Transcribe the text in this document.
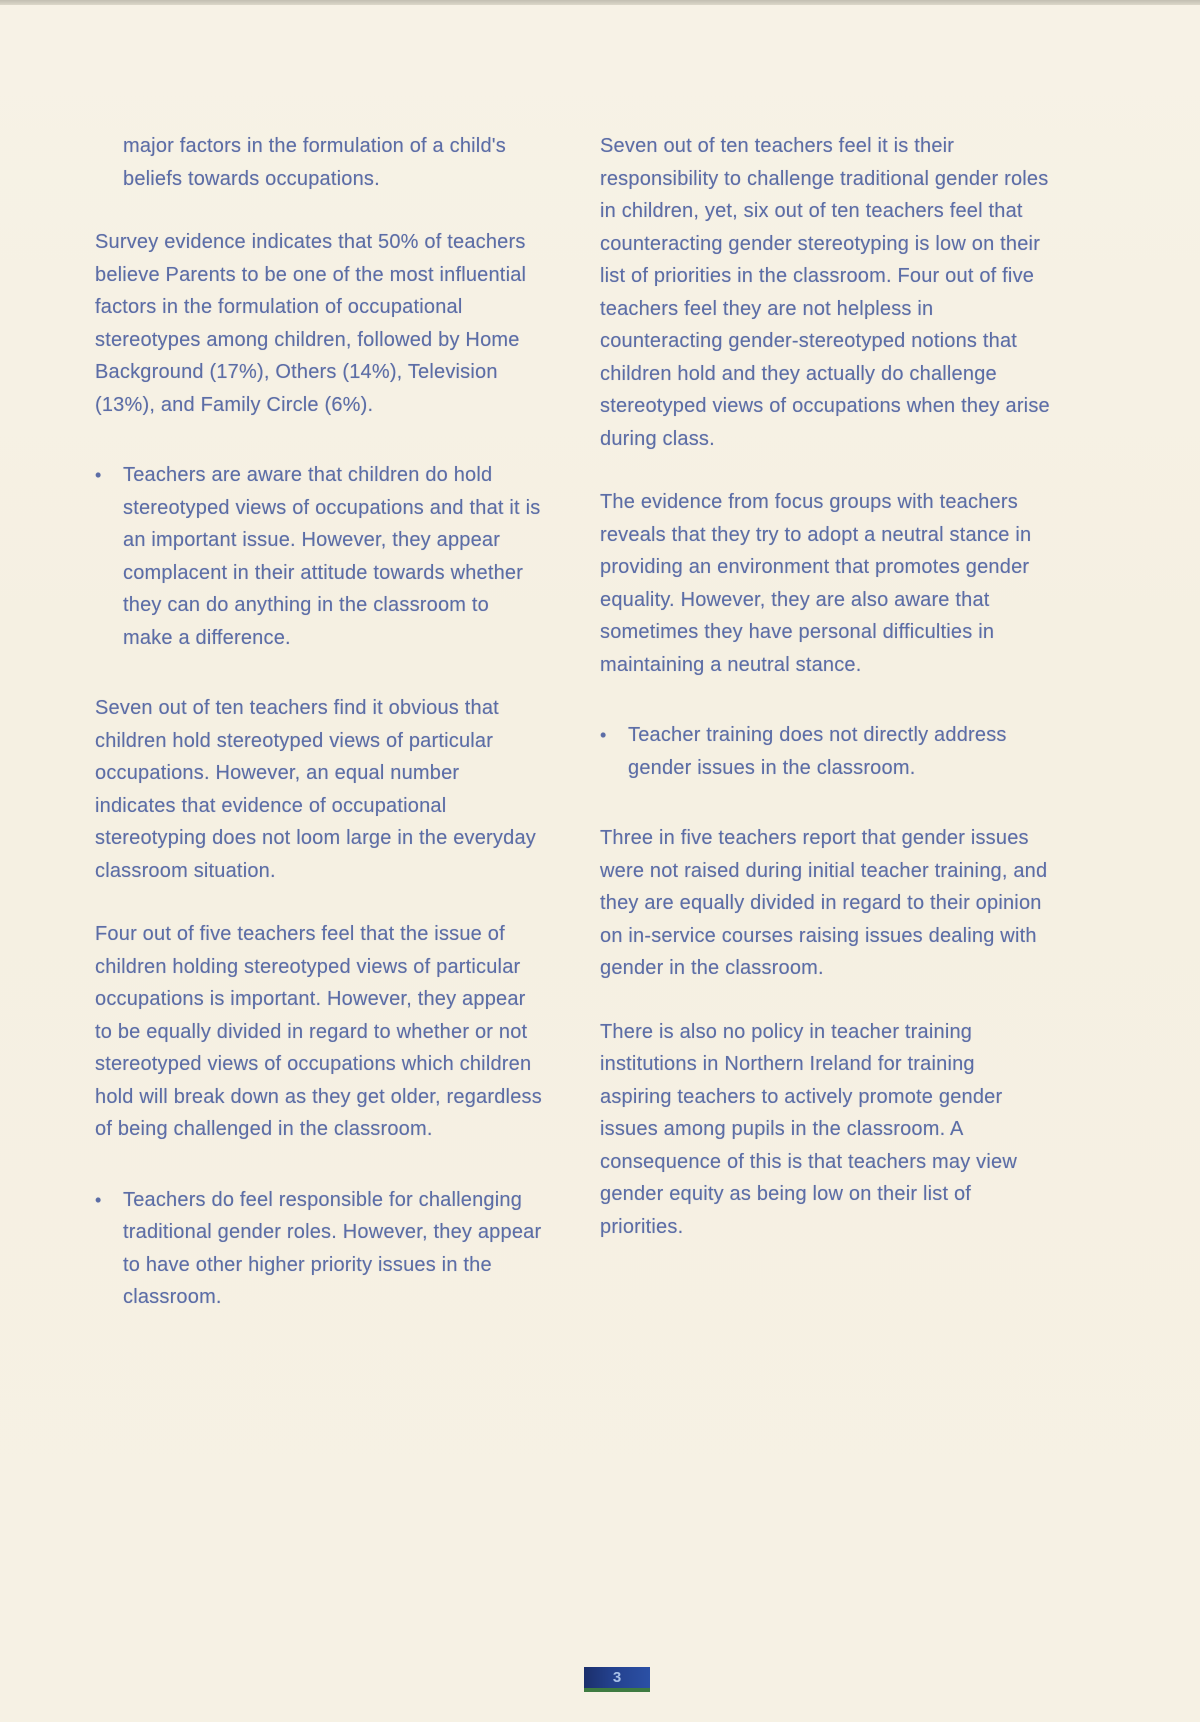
major factors in the formulation of a child's beliefs towards occupations.
Survey evidence indicates that 50% of teachers believe Parents to be one of the most influential factors in the formulation of occupational stereotypes among children, followed by Home Background (17%), Others (14%), Television (13%), and Family Circle (6%).
•	Teachers are aware that children do hold stereotyped views of occupations and that it is an important issue. However, they appear complacent in their attitude towards whether they can do anything in the classroom to make a difference.
Seven out of ten teachers find it obvious that children hold stereotyped views of particular occupations. However, an equal number indicates that evidence of occupational stereotyping does not loom large in the everyday classroom situation.
Four out of five teachers feel that the issue of children holding stereotyped views of particular occupations is important. However, they appear to be equally divided in regard to whether or not stereotyped views of occupations which children hold will break down as they get older, regardless of being challenged in the classroom.
•	Teachers do feel responsible for challenging traditional gender roles. However, they appear to have other higher priority issues in the classroom.
Seven out of ten teachers feel it is their responsibility to challenge traditional gender roles in children, yet, six out of ten teachers feel that counteracting gender stereotyping is low on their list of priorities in the classroom. Four out of five teachers feel they are not helpless in counteracting gender-stereotyped notions that children hold and they actually do challenge stereotyped views of occupations when they arise during class.
The evidence from focus groups with teachers reveals that they try to adopt a neutral stance in providing an environment that promotes gender equality. However, they are also aware that sometimes they have personal difficulties in maintaining a neutral stance.
•	Teacher training does not directly address gender issues in the classroom.
Three in five teachers report that gender issues were not raised during initial teacher training, and they are equally divided in regard to their opinion on in-service courses raising issues dealing with gender in the classroom.
There is also no policy in teacher training institutions in Northern Ireland for training aspiring teachers to actively promote gender issues among pupils in the classroom. A consequence of this is that teachers may view gender equity as being low on their list of priorities.
3
